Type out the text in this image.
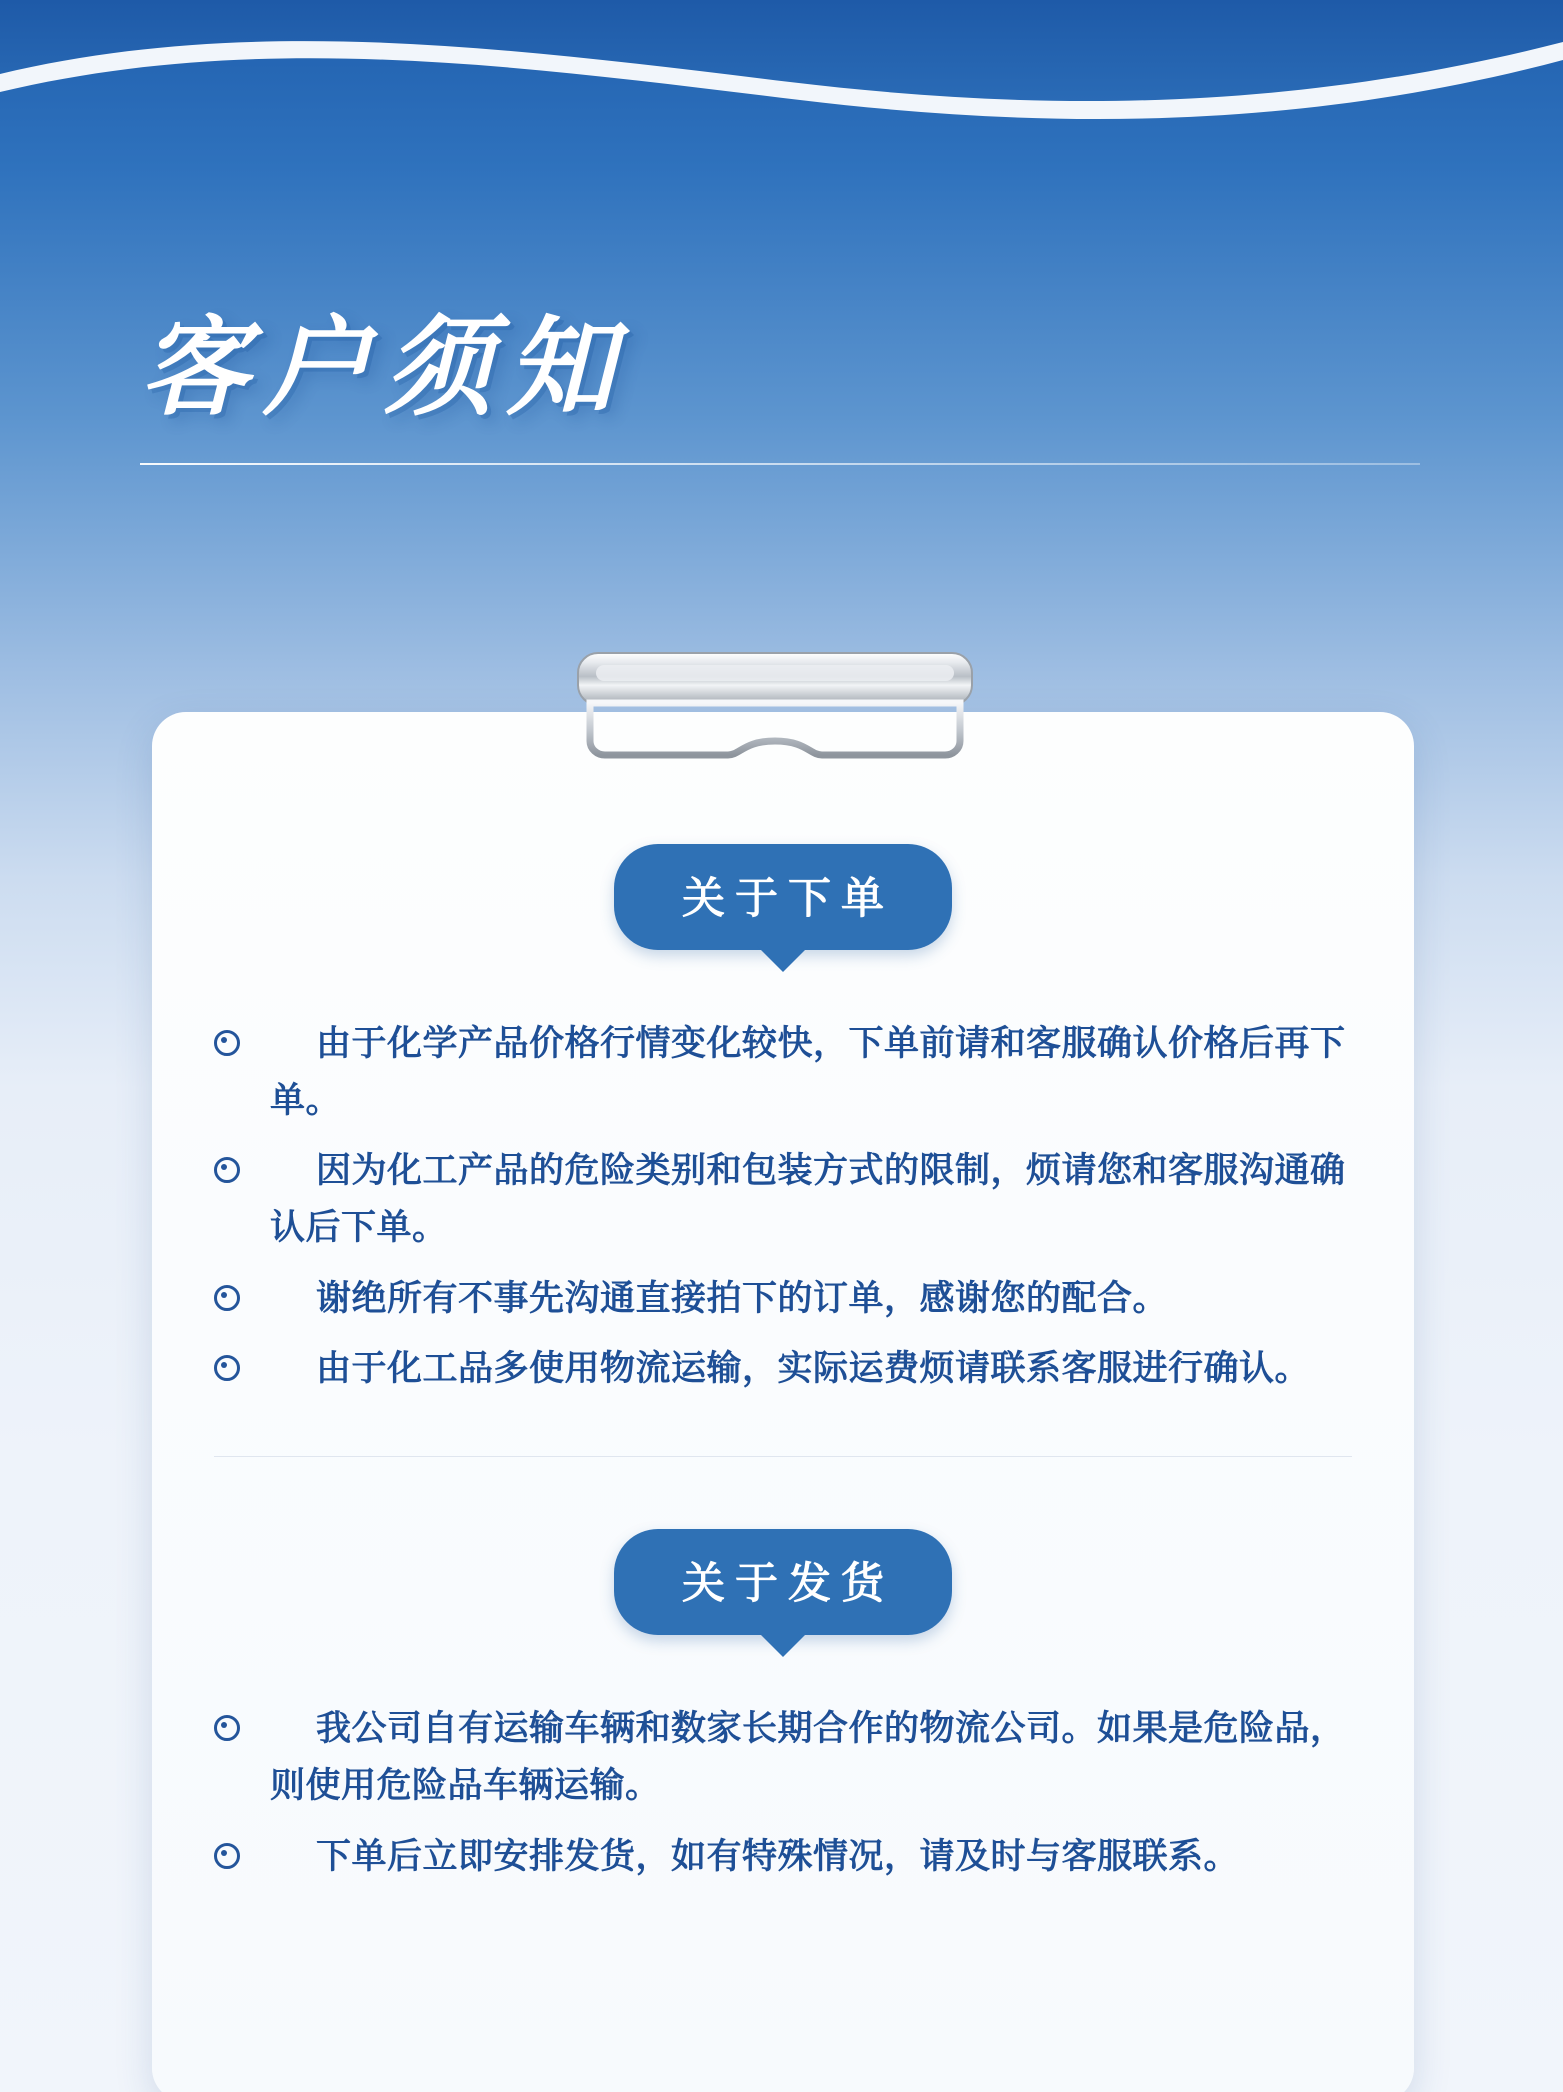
客户须知
关于下单
由于化学产品价格行情变化较快，下单前请和客服确认价格后再下单。
因为化工产品的危险类别和包装方式的限制，烦请您和客服沟通确认后下单。
谢绝所有不事先沟通直接拍下的订单，感谢您的配合。
由于化工品多使用物流运输，实际运费烦请联系客服进行确认。
关于发货
我公司自有运输车辆和数家长期合作的物流公司。如果是危险品，则使用危险品车辆运输。
下单后立即安排发货，如有特殊情况，请及时与客服联系。
